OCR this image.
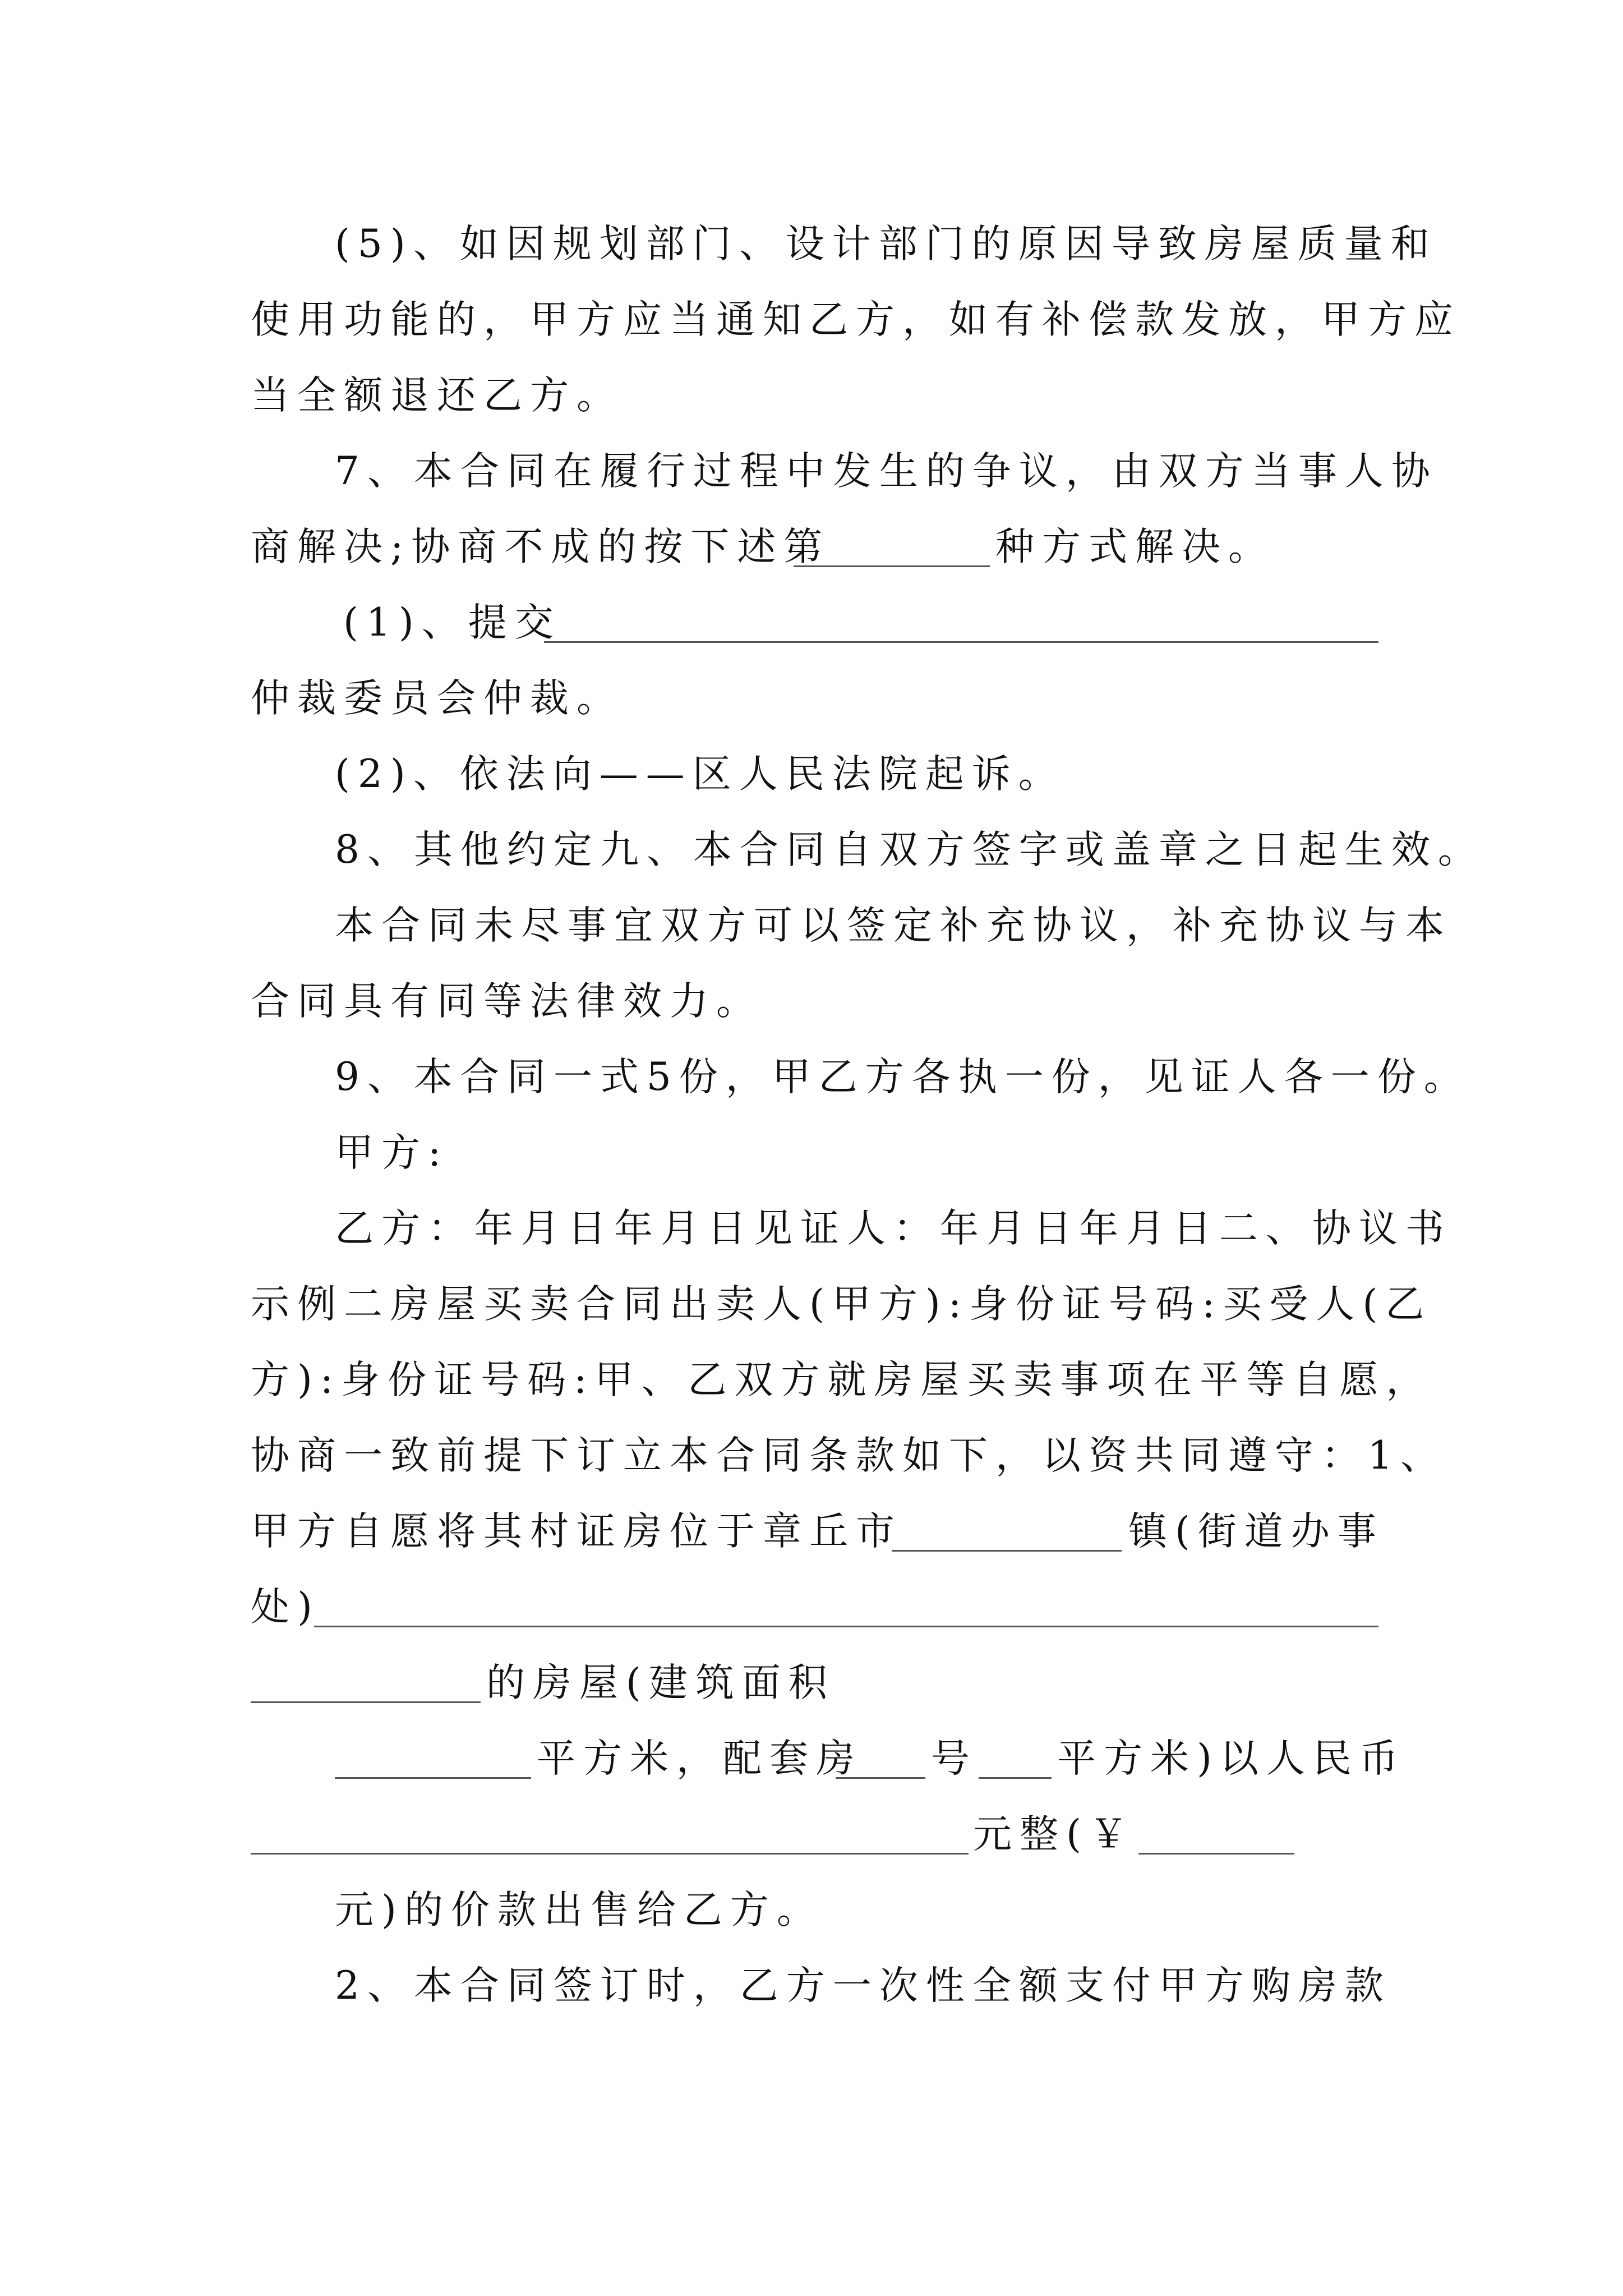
(5)、如因规划部门、设计部门的原因导致房屋质量和
使用功能的，甲方应当通知乙方，如有补偿款发放，甲方应
当全额退还乙方。
7、本合同在履行过程中发生的争议，由双方当事人协
商解决;协商不成的按下述第	种方式解决。
(1)、提交
仲裁委员会仲裁。
(2)、依法向——区人民法院起诉。
8、其他约定九、本合同自双方签字或盖章之日起生效。
本合同未尽事宜双方可以签定补充协议，补充协议与本
合同具有同等法律效力。
9、本合同一式5份，甲乙方各执一份，见证人各一份。
甲方:
乙方：年月日年月日见证人：年月日年月日二、协议书
示例二房屋买卖合同出卖人(甲方):身份证号码:买受人(乙
方):身份证号码:甲、乙双方就房屋买卖事项在平等自愿，
协商一致前提下订立本合同条款如下，以资共同遵守：1、
甲方自愿将其村证房位于章丘市	镇(街道办事
处)
的房屋(建筑面积
平方米，配套房 号 平方米)以人民币
元整(￥
元)的价款出售给乙方。
2、本合同签订时，乙方一次性全额支付甲方购房款
